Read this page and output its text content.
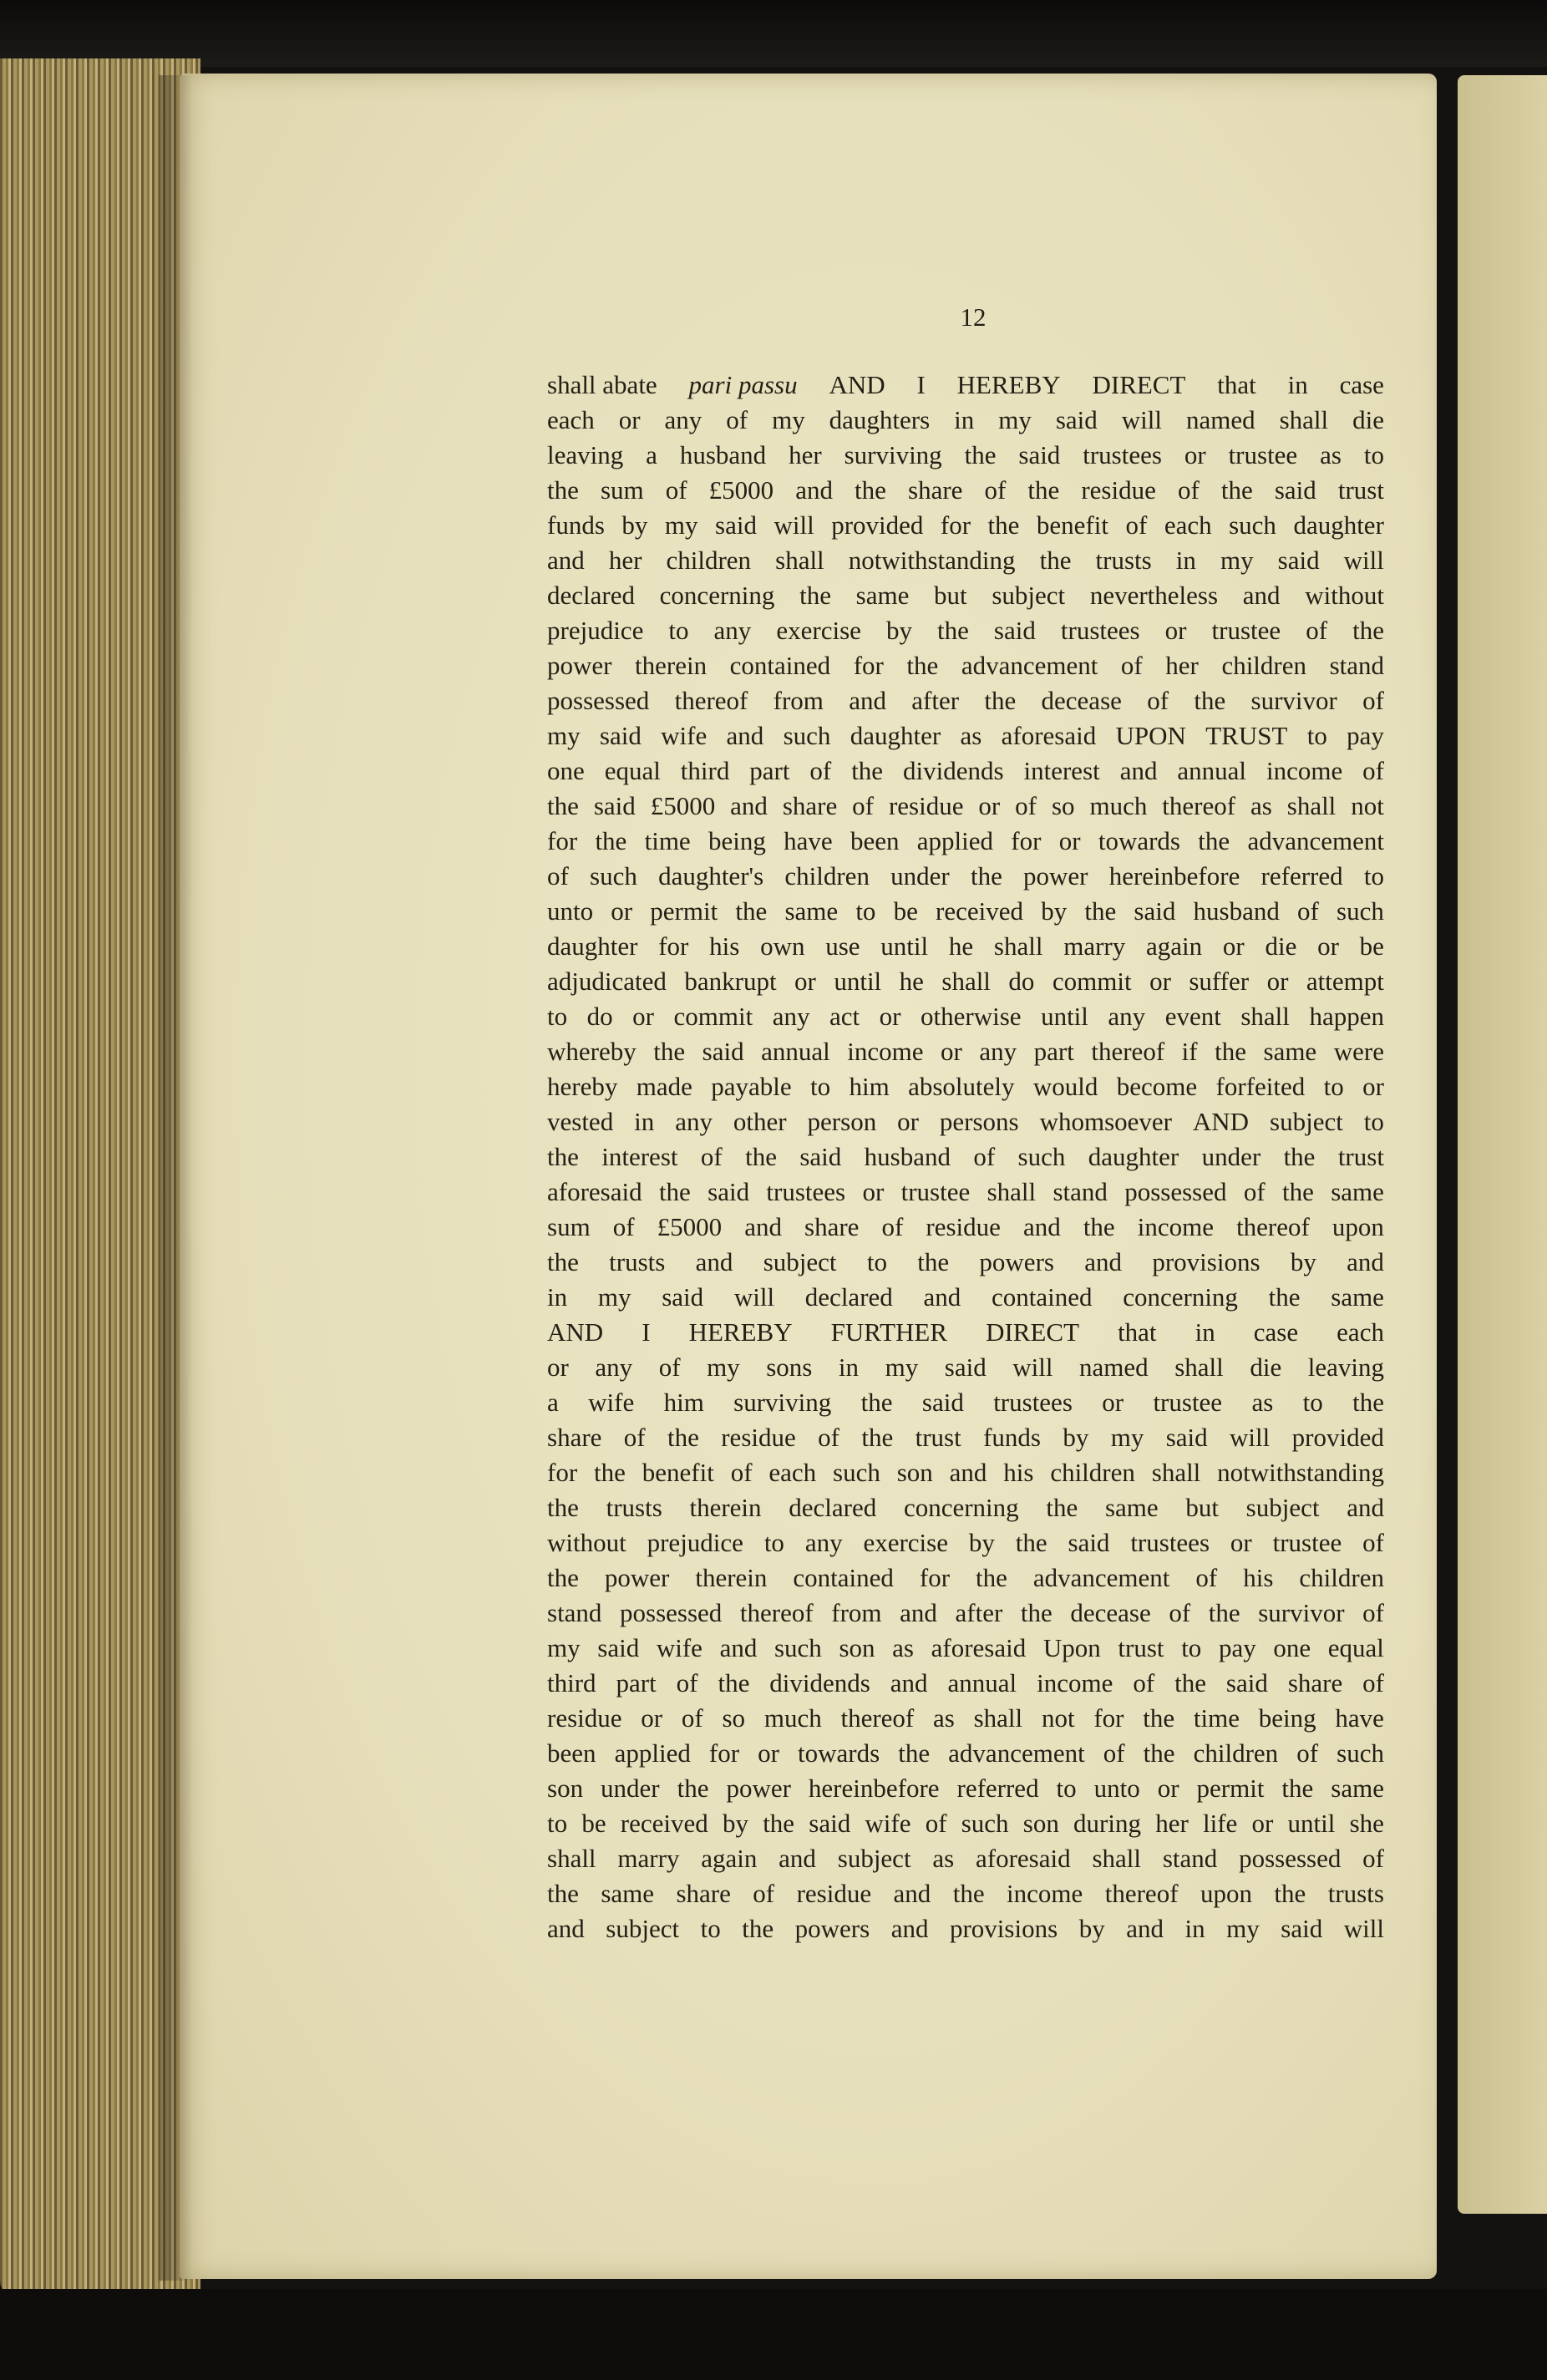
12
shall abate pari passu AND I HEREBY DIRECT that in case
each or any of my daughters in my said will named shall die
leaving a husband her surviving the said trustees or trustee as to
the sum of £5000 and the share of the residue of the said trust
funds by my said will provided for the benefit of each such daughter
and her children shall notwithstanding the trusts in my said will
declared concerning the same but subject nevertheless and without
prejudice to any exercise by the said trustees or trustee of the
power therein contained for the advancement of her children stand
possessed thereof from and after the decease of the survivor of
my said wife and such daughter as aforesaid UPON TRUST to pay
one equal third part of the dividends interest and annual income of
the said £5000 and share of residue or of so much thereof as shall not
for the time being have been applied for or towards the advancement
of such daughter's children under the power hereinbefore referred to
unto or permit the same to be received by the said husband of such
daughter for his own use until he shall marry again or die or be
adjudicated bankrupt or until he shall do commit or suffer or attempt
to do or commit any act or otherwise until any event shall happen
whereby the said annual income or any part thereof if the same were
hereby made payable to him absolutely would become forfeited to or
vested in any other person or persons whomsoever AND subject to
the interest of the said husband of such daughter under the trust
aforesaid the said trustees or trustee shall stand possessed of the same
sum of £5000 and share of residue and the income thereof upon
the trusts and subject to the powers and provisions by and
in my said will declared and contained concerning the same
AND I HEREBY FURTHER DIRECT that in case each
or any of my sons in my said will named shall die leaving
a wife him surviving the said trustees or trustee as to the
share of the residue of the trust funds by my said will provided
for the benefit of each such son and his children shall notwithstanding
the trusts therein declared concerning the same but subject and
without prejudice to any exercise by the said trustees or trustee of
the power therein contained for the advancement of his children
stand possessed thereof from and after the decease of the survivor of
my said wife and such son as aforesaid Upon trust to pay one equal
third part of the dividends and annual income of the said share of
residue or of so much thereof as shall not for the time being have
been applied for or towards the advancement of the children of such
son under the power hereinbefore referred to unto or permit the same
to be received by the said wife of such son during her life or until she
shall marry again and subject as aforesaid shall stand possessed of
the same share of residue and the income thereof upon the trusts
and subject to the powers and provisions by and in my said will
